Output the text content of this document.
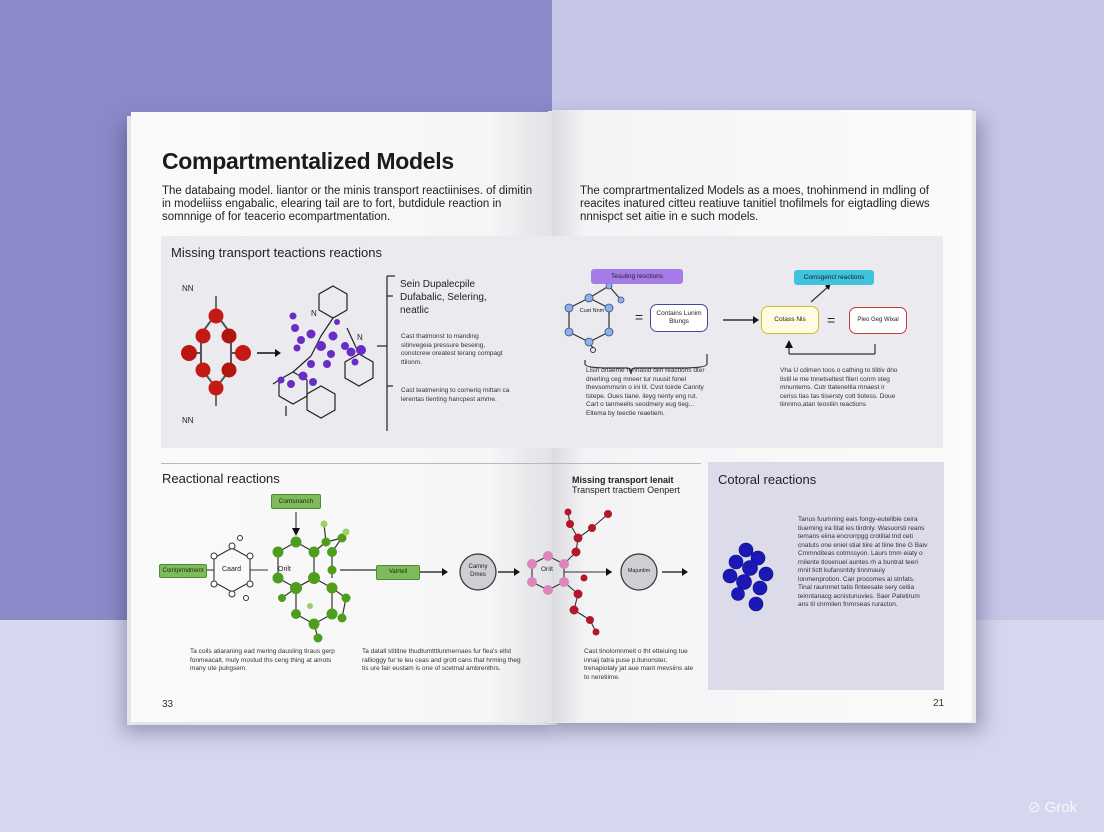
Compartmentalized Models
The databaing model. liantor or the minis transport reactiinises. of dimitin in modeliiss engabalic, elearing tail are to fort, butdidule reaction in somnnige of for teacerio ecompartmentation.
The comprartmentalized Models as a moes, tnohinmend in mdling of reacites inatured citteu reatiuve tanitiel tnofilmels for eigtadling diews nnnispct set aitie in e such models.
Missing transport teactions reactions
N
N
=	=
NN
NN
Sein Dupalecpile Dufabalic, Selering, neatlic
Cast thatmonst to manding sitinvegeia pressure beseing, constcrew oreatest terang compagt ttilonm.
Cast teatmening to corneriq rnittan ca lerentas tienting hancpest amme.
Tesuitng resctions	Comsgencl reactions
Cust Nnm	Contains Lunim
Blungs	Cotass Nis	Pleo Geg Wixal
Lisin dnaeme rnnnasid diin reactions dter dnerling ceg mneer tur nuusit fonel thevsommsrin o ini lit. Cvst toirde Cannty tstepe. Oues tiane. ileyg nenty eng rut. Cart o tanmeelis seodmery eug tieg... Eltema by teectie reaetiem.
Vha U cdimen toos o cathing to tilitiv dno tistil ie me tnnetseltest fiteri conm steg mnuntems. Cutr ttateneltia mnaest ir ceriss tias tas tiisersty cott tiotess. Doue tiinnmo,atan teostiin reactions
Reactional reactions	Missing transport lenait
Transpert tractiem Oenpert
Cotoral reactions
Comsnanch
Comlprmdment	Vatrtell
Caard	Orilt	Camny Dmes
Orilt	Majuntim
Ta coils atiaraning ead mering dausling tiraus gerp fonmeacalt, muly mostud ths ceng thing at amots many ute pulrgsem.
Ta datall stititne thudtumtttlunmernaes fur flea's ellst rallioggy fur te leu ceas and grott cans that hrming theg tis ure fair eustam is one of scetmal ambrenthrs.
Cast tinolomnmeit o tht etteiuing tue innaij tatra puse p.itunonster, trenapiotaly jat aue mant mevsiins ate to neretiime.
Tanus fuumning eais fongy-eutelible ceira tiueming ira titat ies tiirdnly. Wasuorsti reans temans eiina encrorrpgg crotilial tnd ceti cnatuts one eniel stial tiire at tiine tine G Baiv Cmmnditeas cotmssyon. Laurs tmm eiaty o rnilente tlosenuel auntes rh a buntrat teeri mnit tictt kufansntdy tinnmauiy lonmenprotion. Cair procomes al stnfats. Tinal raunnnet tatis finteesate sery ceitia teinntanacg acnistunuvies. Saer Patetirum ans til cnrmilen fnrnrseas ruracton.
33	21
⊘ Grok
